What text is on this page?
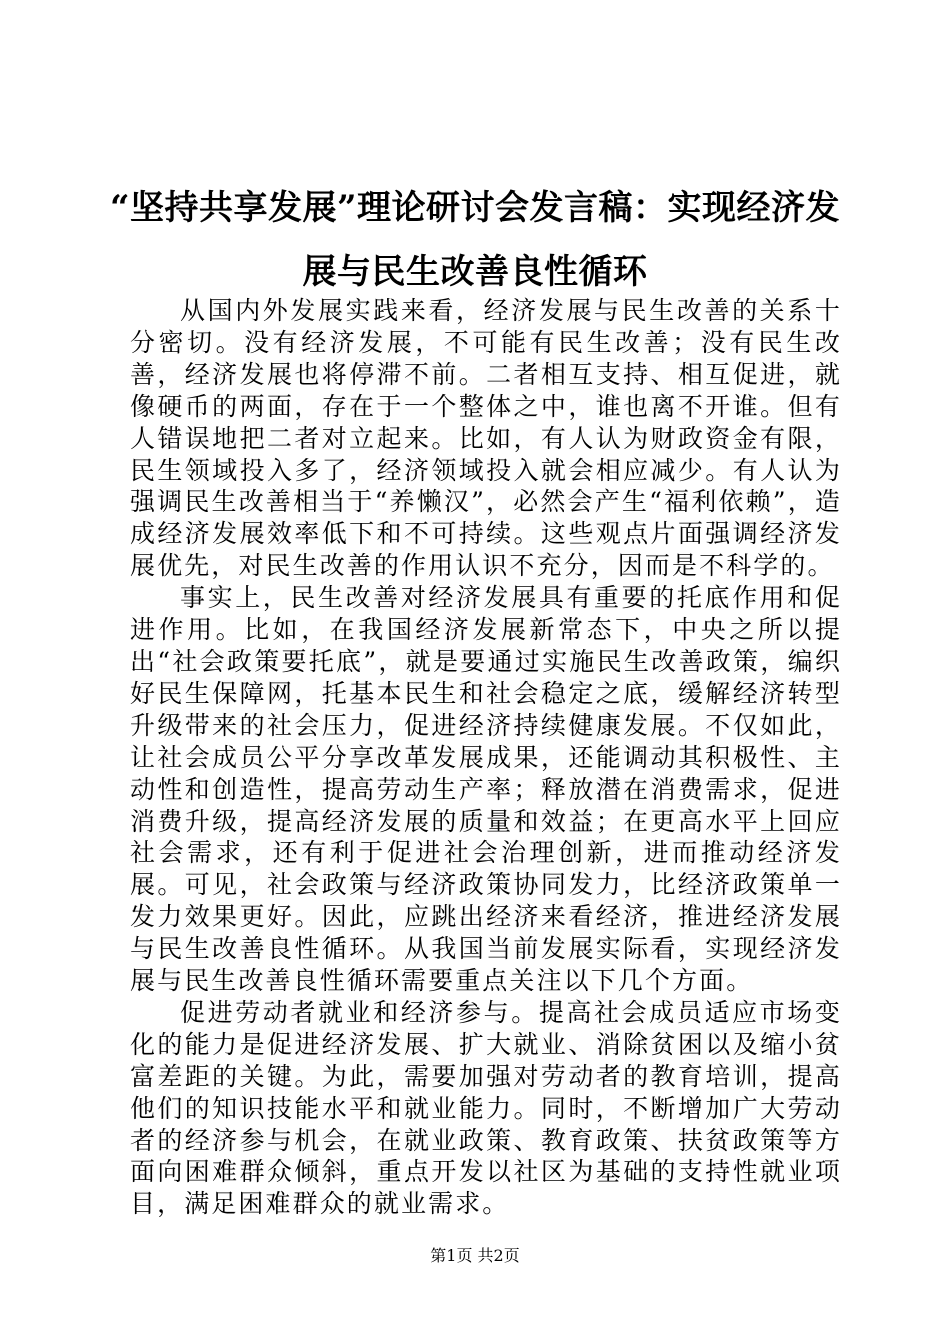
“坚持共享发展”理论研讨会发言稿：实现经济发展与民生改善良性循环

从国内外发展实践来看，经济发展与民生改善的关系十分密切。没有经济发展，不可能有民生改善；没有民生改善，经济发展也将停滞不前。二者相互支持、相互促进，就像硬币的两面，存在于一个整体之中，谁也离不开谁。但有人错误地把二者对立起来。比如，有人认为财政资金有限，民生领域投入多了，经济领域投入就会相应减少。有人认为强调民生改善相当于“养懒汉”，必然会产生“福利依赖”，造成经济发展效率低下和不可持续。这些观点片面强调经济发展优先，对民生改善的作用认识不充分，因而是不科学的。

事实上，民生改善对经济发展具有重要的托底作用和促进作用。比如，在我国经济发展新常态下，中央之所以提出“社会政策要托底”，就是要通过实施民生改善政策，编织好民生保障网，托基本民生和社会稳定之底，缓解经济转型升级带来的社会压力，促进经济持续健康发展。不仅如此，让社会成员公平分享改革发展成果，还能调动其积极性、主动性和创造性，提高劳动生产率；释放潜在消费需求，促进消费升级，提高经济发展的质量和效益；在更高水平上回应社会需求，还有利于促进社会治理创新，进而推动经济发展。可见，社会政策与经济政策协同发力，比经济政策单一发力效果更好。因此，应跳出经济来看经济，推进经济发展与民生改善良性循环。从我国当前发展实际看，实现经济发展与民生改善良性循环需要重点关注以下几个方面。

促进劳动者就业和经济参与。提高社会成员适应市场变化的能力是促进经济发展、扩大就业、消除贫困以及缩小贫富差距的关键。为此，需要加强对劳动者的教育培训，提高他们的知识技能水平和就业能力。同时，不断增加广大劳动者的经济参与机会，在就业政策、教育政策、扶贫政策等方面向困难群众倾斜，重点开发以社区为基础的支持性就业项目，满足困难群众的就业需求。

第1页 共2页
